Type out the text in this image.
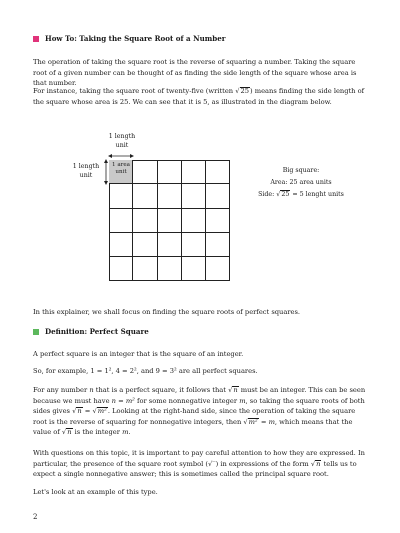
How To: Taking the Square Root of a Number

The operation of taking the square root is the reverse of squaring a number. Taking the square root of a given number can be thought of as finding the side length of the square whose area is that number.

For instance, taking the square root of twenty-five (written √25) means finding the side length of the square whose area is 25. We can see that it is 5, as illustrated in the diagram below.

1 length
unit
1 length
unit
1 area
unit	Big square:
Area: 25 area units
Side: √25 = 5 lenght units

In this explainer, we shall focus on finding the square roots of perfect squares.

Definition: Perfect Square

A perfect square is an integer that is the square of an integer.

So, for example, 1 = 1², 4 = 2², and 9 = 3² are all perfect squares.

For any number n that is a perfect square, it follows that √n must be an integer. This can be seen because we must have n = m² for some nonnegative integer m, so taking the square roots of both sides gives √n = √m². Looking at the right-hand side, since the operation of taking the square root is the reverse of squaring for nonnegative integers, then √m² = m, which means that the value of √n is the integer m.

With questions on this topic, it is important to pay careful attention to how they are expressed. In particular, the presence of the square root symbol (√‾) in expressions of the form √n tells us to expect a single nonnegative answer; this is sometimes called the principal square root.

Let's look at an example of this type.

2
